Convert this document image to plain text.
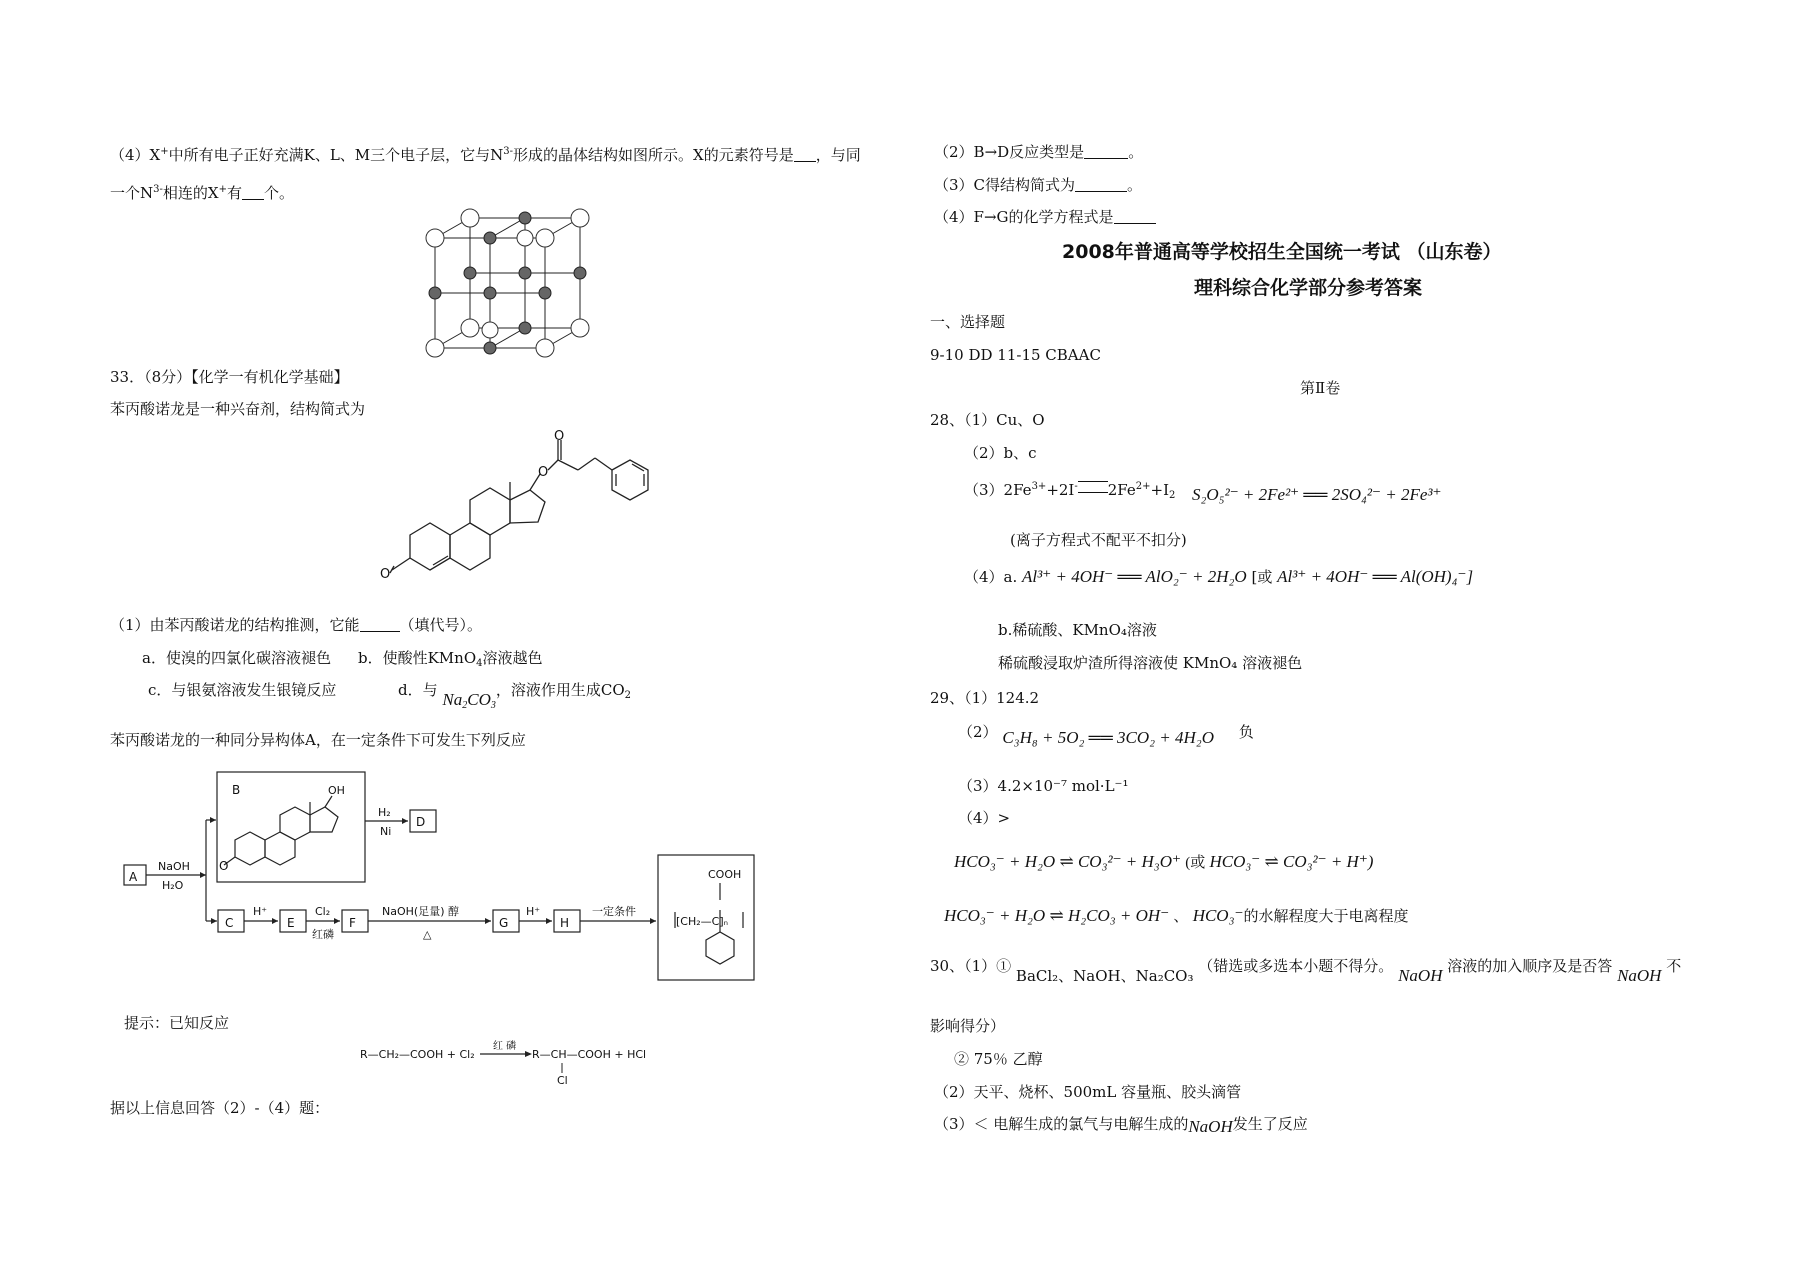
（4）X+中所有电子正好充满K、L、M三个电子层，它与$N^{3-}$形成的晶体结构如图所示。X的元素符号是 ，与同
一个$N^{3-}$相连的X+有 个。
33．（8分）【化学一有机化学基础】
苯丙酸诺龙是一种兴奋剂，结构简式为
O
O
O
（1）由苯丙酸诺龙的结构推测，它能	（填代号）。
a．使溴的四氯化碳溶液褪色 b．使酸性KMnO$_4$溶液越色
c．与银氨溶液发生银镜反应	d．与 $Na_2CO_3$，溶液作用生成$CO_2$
苯丙酸诺龙的一种同分异构体A，在一定条件下可发生下列反应
A
NaOH
H₂O
B
O
OH
H₂
Ni
D
C
H⁺
E
Cl₂
红磷
F
NaOH(足量) 醇
△
G
H⁺
H
一定条件
COOH
[CH₂—C]ₙ
提示：已知反应
R—CH₂—COOH + Cl₂
红 磷
R—CH—COOH + HCl
Cl
据以上信息回答（2）-（4）题：
（2）B→D反应类型是	。
（3）C得结构简式为	。
（4）F→G的化学方程式是
2008年普通高等学校招生全国统一考试 （山东卷）
理科综合化学部分参考答案
一、选择题
9-10 DD 11-15 CBAAC
第Ⅱ卷
28、（1）Cu、O
（2）b、c
$(3)2Fe^{3+}+2I^-$ $2Fe^{2+}+I_2$ S₂O₅²⁻ + 2Fe²⁺ ══ 2SO₄²⁻ + 2Fe³⁺
(离子方程式不配平不扣分)
（4）a. Al³⁺ + 4OH⁻ ══ AlO₂⁻ + 2H₂O [或 Al³⁺ + 4OH⁻ ══ Al(OH)₄⁻]
b.稀硫酸、KMnO₄溶液
稀硫酸浸取炉渣所得溶液使 KMnO₄ 溶液褪色
29、（1）124.2
（2） C₃H₈ + 5O₂ ══ 3CO₂ + 4H₂O 负
（3）4.2×10⁻⁷ mol·L⁻¹
（4）>
HCO₃⁻ + H₂O ⇌ CO₃²⁻ + H₃O⁺ (或 HCO₃⁻ ⇌ CO₃²⁻ + H⁺)
HCO₃⁻ + H₂O ⇌ H₂CO₃ + OH⁻ 、 HCO₃⁻的水解程度大于电离程度
30、（1）① BaCl₂、NaOH、Na₂CO₃ （错选或多选本小题不得分。 NaOH 溶液的加入顺序及是否答 NaOH 不
影响得分）
② 75％ 乙醇
（2）天平、烧杯、500mL 容量瓶、胶头滴管
（3）＜ 电解生成的氯气与电解生成的NaOH发生了反应
